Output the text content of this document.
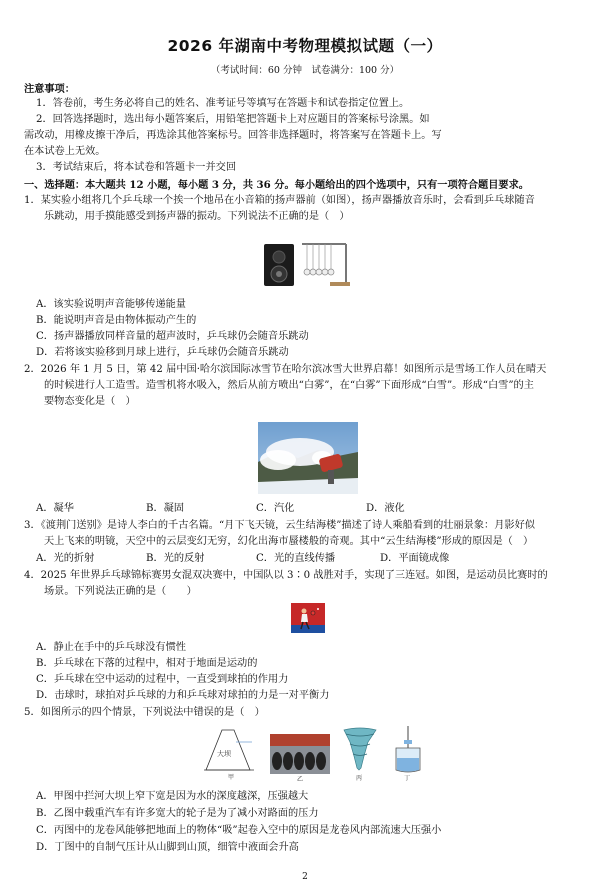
2026 年湖南中考物理模拟试题（一）
（考试时间：60 分钟　试卷满分：100 分）
注意事项：
1．答卷前，考生务必将自己的姓名、准考证号等填写在答题卡和试卷指定位置上。
2．回答选择题时，选出每小题答案后，用铅笔把答题卡上对应题目的答案标号涂黑。如
需改动，用橡皮擦干净后，再选涂其他答案标号。回答非选择题时，将答案写在答题卡上。写
在本试卷上无效。
3．考试结束后，将本试卷和答题卡一并交回
一、选择题：本大题共 12 小题，每小题 3 分，共 36 分。每小题给出的四个选项中，只有一项符合题目要求。
1．某实验小组将几个乒乓球一个挨一个地吊在小音箱的扬声器前（如图），扬声器播放音乐时，会看到乒乓球随音
乐跳动，用手摸能感受到扬声器的振动。下列说法不正确的是（　）
A．该实验说明声音能够传递能量
B．能说明声音是由物体振动产生的
C．扬声器播放同样音量的超声波时，乒乓球仍会随音乐跳动
D．若将该实验移到月球上进行，乒乓球仍会随音乐跳动
2．2026 年 1 月 5 日，第 42 届中国·哈尔滨国际冰雪节在哈尔滨冰雪大世界启幕！如图所示是雪场工作人员在晴天
的时候进行人工造雪。造雪机将水吸入，然后从前方喷出“白雾”，在“白雾”下面形成“白雪”。形成“白雪”的主
要物态变化是（　）
A．凝华	B．凝固	C．汽化	D．液化
3．《渡荆门送别》是诗人李白的千古名篇。“月下飞天镜，云生结海楼”描述了诗人乘船看到的壮丽景象：月影好似
天上飞来的明镜，天空中的云层变幻无穷，幻化出海市蜃楼般的奇观。其中“云生结海楼”形成的原因是（　）
A．光的折射	B．光的反射	C．光的直线传播	D．平面镜成像
4．2025 年世界乒乓球锦标赛男女混双决赛中，中国队以 3∶0 战胜对手，实现了三连冠。如图，是运动员比赛时的
场景。下列说法正确的是（　　）
A．静止在手中的乒乓球没有惯性
B．乒乓球在下落的过程中，相对于地面是运动的
C．乒乓球在空中运动的过程中，一直受到球拍的作用力
D．击球时，球拍对乒乓球的力和乒乓球对球拍的力是一对平衡力
5．如图所示的四个情景，下列说法中错误的是（　）
大坝
甲	乙	丙	丁
A．甲图中拦河大坝上窄下宽是因为水的深度越深，压强越大
B．乙图中载重汽车有许多宽大的轮子是为了减小对路面的压力
C．丙图中的龙卷风能够把地面上的物体“吸”起卷入空中的原因是龙卷风内部流速大压强小
D．丁图中的自制气压计从山脚到山顶，细管中液面会升高
2
